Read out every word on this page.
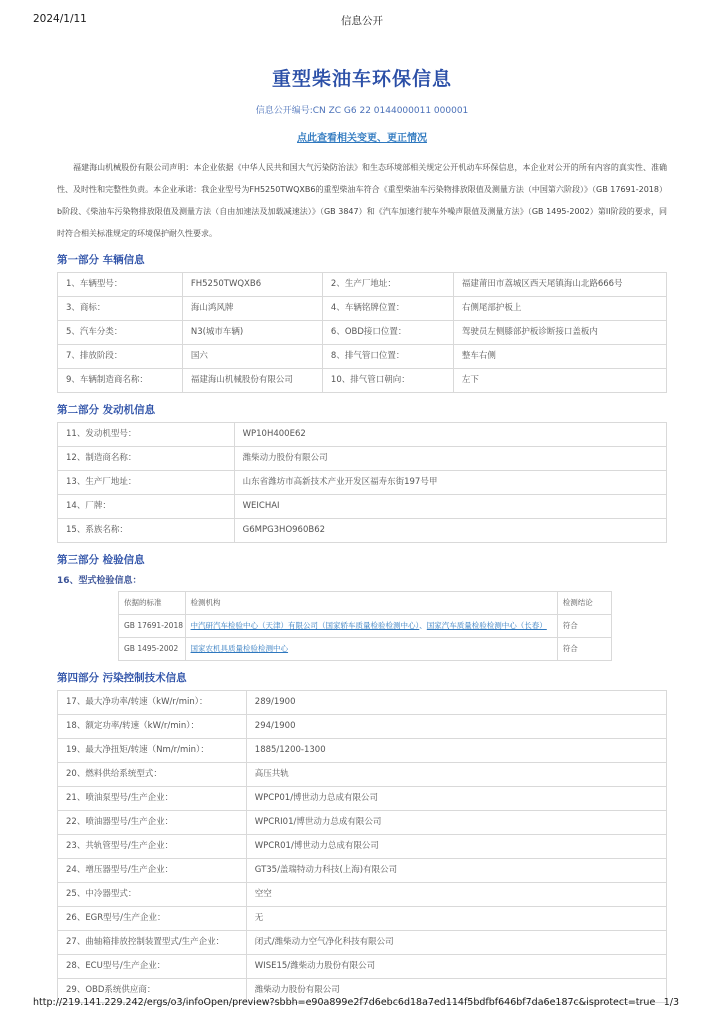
2024/1/11	信息公开
重型柴油车环保信息
信息公开编号:CN ZC G6 22 0144000011 000001
点此查看相关变更、更正情况

　　福建海山机械股份有限公司声明：本企业依据《中华人民共和国大气污染防治法》和生态环境部相关规定公开机动车环保信息，本企业对公开的所有内容的真实性、准确性、及时性和完整性负责。本企业承诺：我企业型号为FH5250TWQXB6的重型柴油车符合《重型柴油车污染物排放限值及测量方法（中国第六阶段）》（GB 17691-2018）b阶段、《柴油车污染物排放限值及测量方法（自由加速法及加载减速法）》（GB 3847）和《汽车加速行驶车外噪声限值及测量方法》（GB 1495-2002）第II阶段的要求，同时符合相关标准规定的环境保护耐久性要求。

第一部分 车辆信息
1、车辆型号：	FH5250TWQXB6	2、生产厂地址：	福建莆田市荔城区西天尾镇海山北路666号
3、商标：	海山鸿风牌	4、车辆铭牌位置：	右侧尾部护板上
5、汽车分类：	N3(城市车辆)	6、OBD接口位置：	驾驶员左侧膝部护板诊断接口盖板内
7、排放阶段：	国六	8、排气管口位置：	整车右侧
9、车辆制造商名称：	福建海山机械股份有限公司	10、排气管口朝向：	左下
第二部分 发动机信息
11、发动机型号：	WP10H400E62
12、制造商名称：	潍柴动力股份有限公司
13、生产厂地址：	山东省潍坊市高新技术产业开发区福寿东街197号甲
14、厂牌：	WEICHAI
15、系族名称：	G6MPG3HO960B62
第三部分 检验信息
16、型式检验信息：
依据的标准	检测机构	检测结论
GB 17691-2018	中汽研汽车检验中心（天津）有限公司（国家轿车质量检验检测中心）、国家汽车质量检验检测中心（长春）	符合
GB 1495-2002	国家农机具质量检验检测中心	符合
第四部分 污染控制技术信息
17、最大净功率/转速（kW/r/min）：	289/1900
18、额定功率/转速（kW/r/min）：	294/1900
19、最大净扭矩/转速（Nm/r/min）：	1885/1200-1300
20、燃料供给系统型式：	高压共轨
21、喷油泵型号/生产企业：	WPCP01/博世动力总成有限公司
22、喷油器型号/生产企业：	WPCRI01/博世动力总成有限公司
23、共轨管型号/生产企业：	WPCR01/博世动力总成有限公司
24、增压器型号/生产企业：	GT35/盖瑞特动力科技(上海)有限公司
25、中冷器型式：	空空
26、EGR型号/生产企业：	无
27、曲轴箱排放控制装置型式/生产企业：	闭式/潍柴动力空气净化科技有限公司
28、ECU型号/生产企业：	WISE15/潍柴动力股份有限公司
29、OBD系统供应商：	潍柴动力股份有限公司
http://219.141.229.242/ergs/o3/infoOpen/preview?sbbh=e90a899e2f7d6ebc6d18a7ed114f5bdfbf646bf7da6e187c&isprotect=true 1/3
